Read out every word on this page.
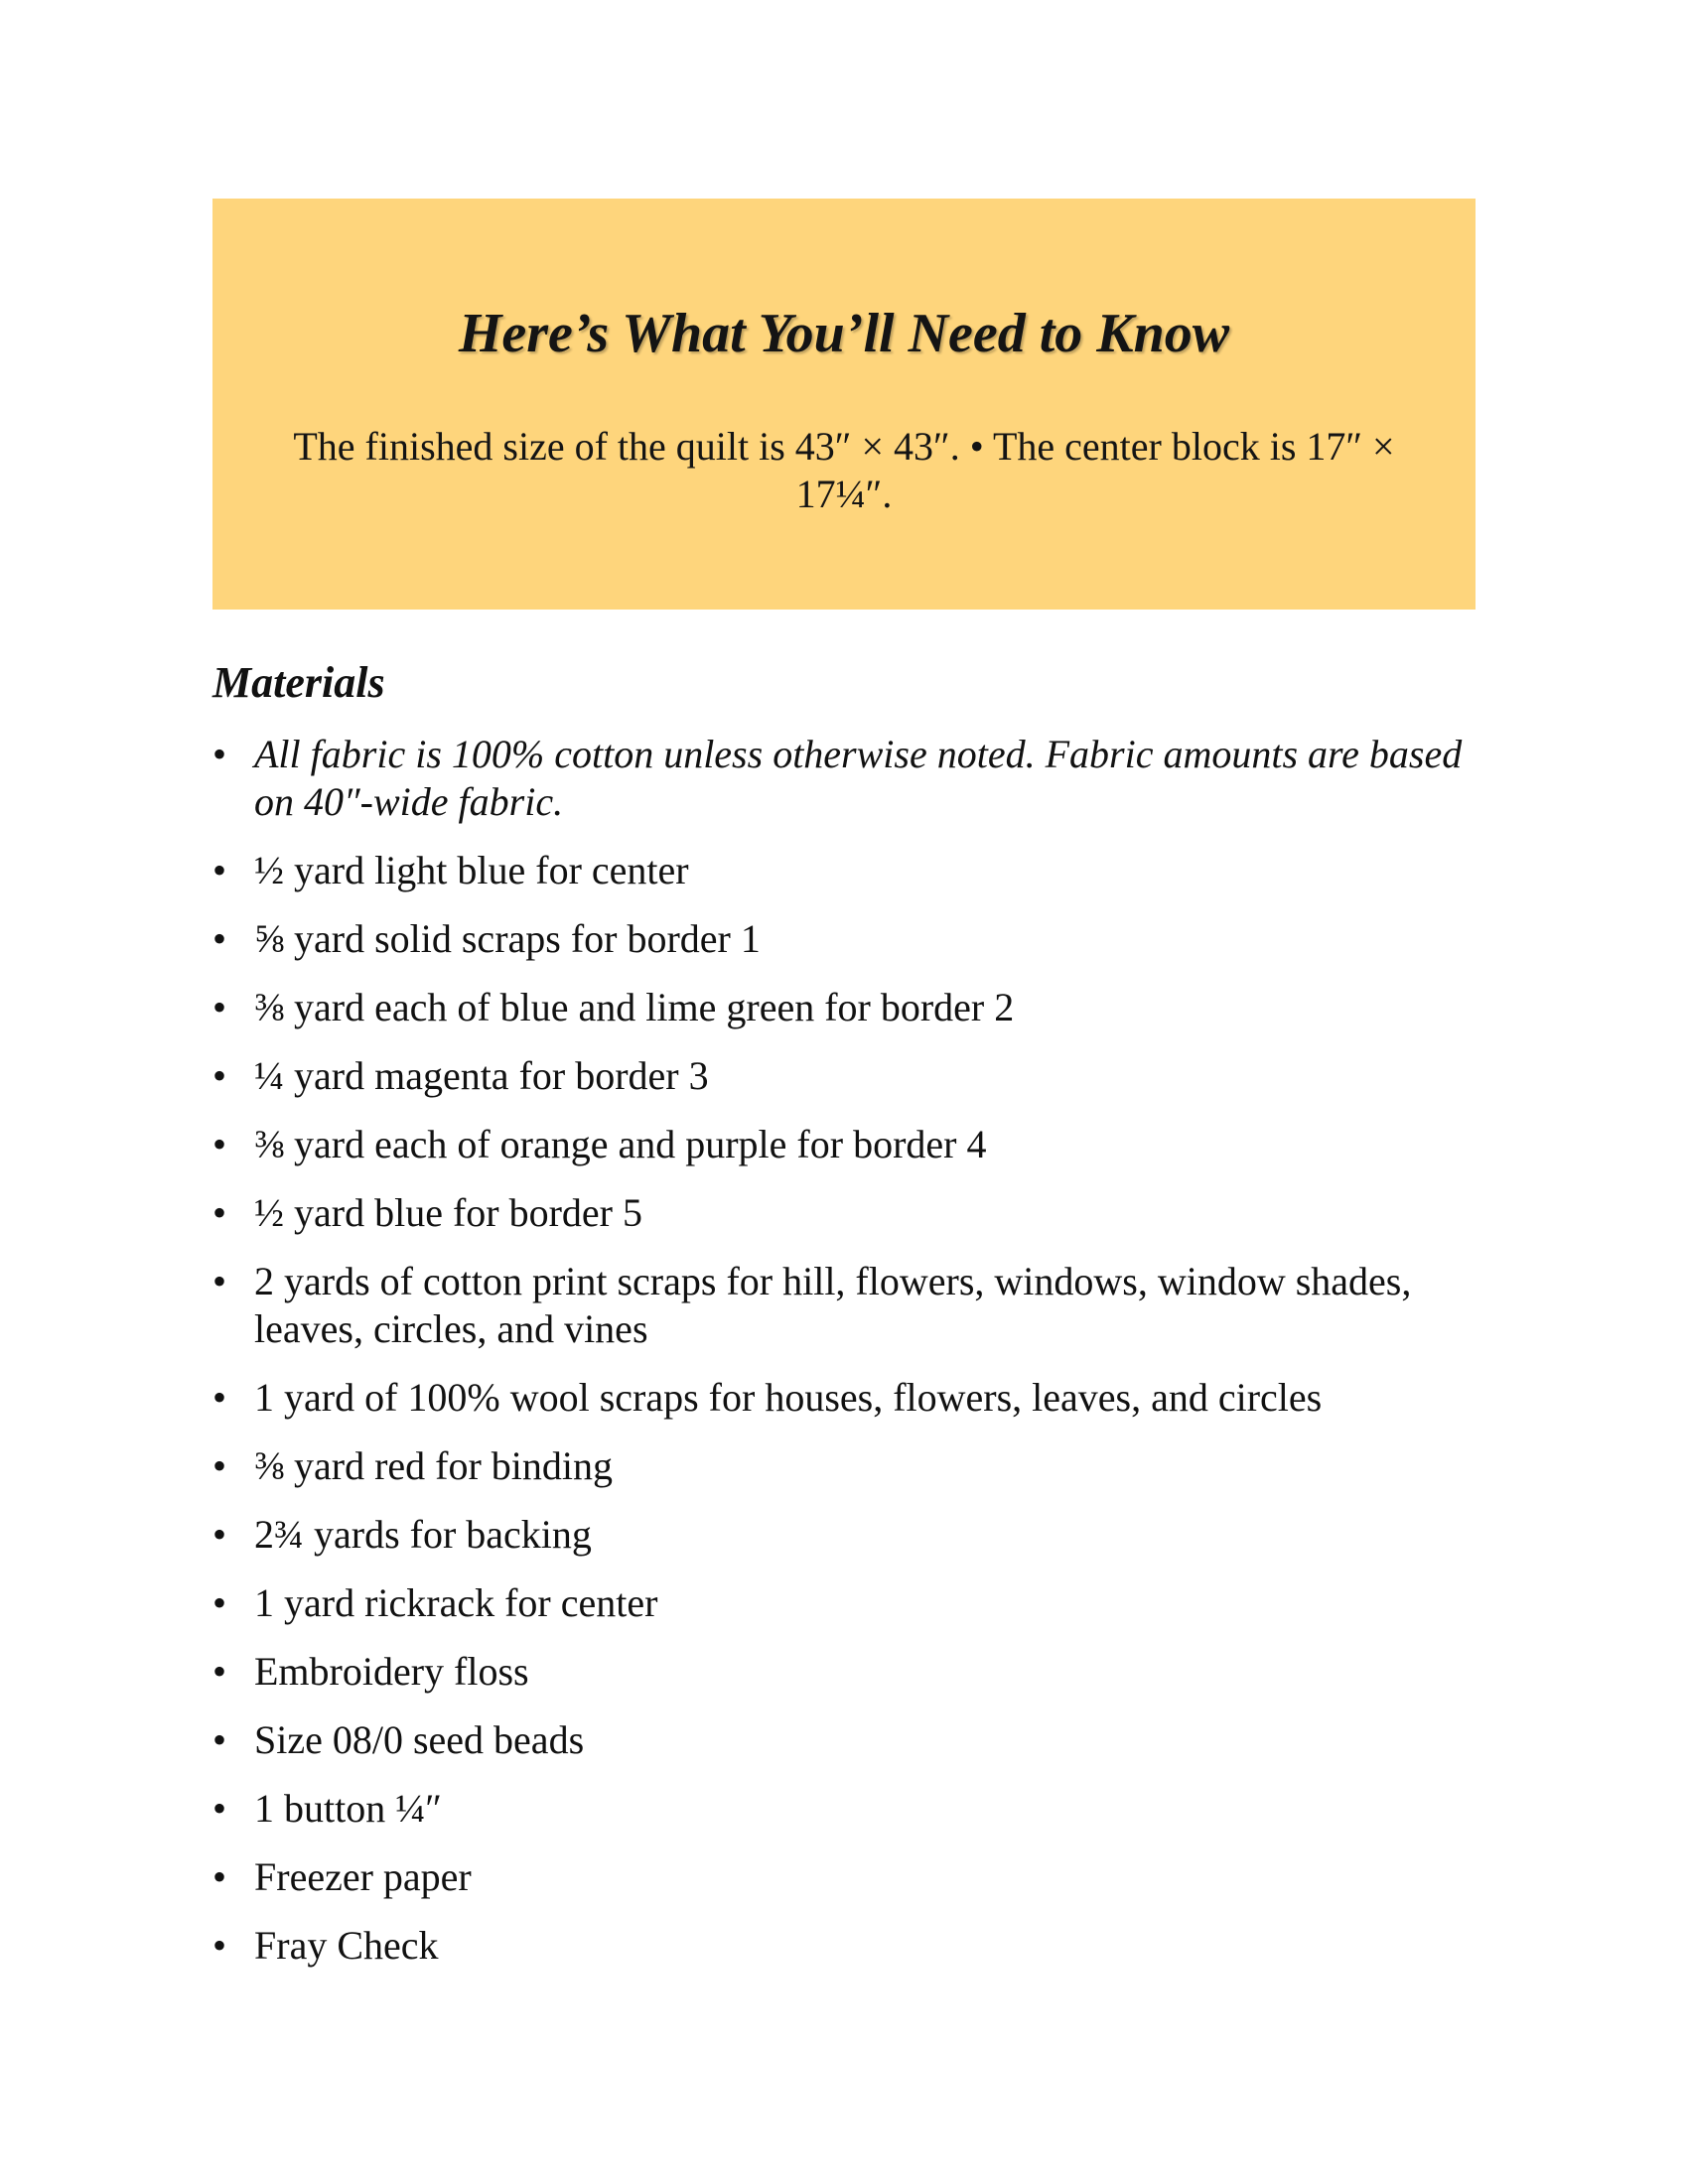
Here’s What You’ll Need to Know

The finished size of the quilt is 43″ × 43″. • The center block is 17″ × 17¼″.

Materials
• All fabric is 100% cotton unless otherwise noted. Fabric amounts are based on 40″-wide fabric.
• ½ yard light blue for center
• ⅝ yard solid scraps for border 1
• ⅜ yard each of blue and lime green for border 2
• ¼ yard magenta for border 3
• ⅜ yard each of orange and purple for border 4
• ½ yard blue for border 5
• 2 yards of cotton print scraps for hill, flowers, windows, window shades, leaves, circles, and vines
• 1 yard of 100% wool scraps for houses, flowers, leaves, and circles
• ⅜ yard red for binding
• 2¾ yards for backing
• 1 yard rickrack for center
• Embroidery floss
• Size 08/0 seed beads
• 1 button ¼″
• Freezer paper
• Fray Check
